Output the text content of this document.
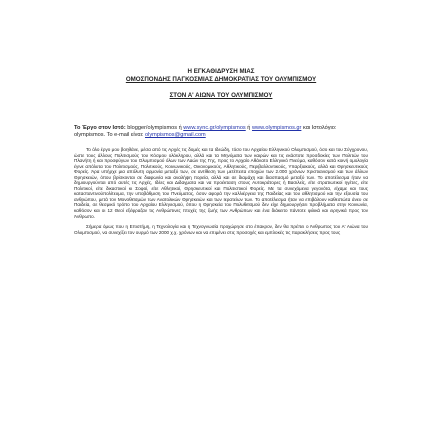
Η ΕΓΚΑΘΙΔΡΥΣΗ ΜΙΑΣ
ΟΜΟΣΠΟΝΔΗΣ ΠΑΓΚΟΣΜΙΑΣ ΔΗΜΟΚΡΑΤΙΑΣ ΤΟΥ ΟΛΥΜΠΙΣΜΟΥ
ΣΤΟΝ Α' ΑΙΩΝΑ ΤΟΥ ΟΛΥΜΠΙΣΜΟΥ
Το Έργο στον Ιστό: blogger/olympismos ή www.sync.gr/olympismos ή www.olympismos.gr και Ιστολόγιο: olympismos. Το e-mail είναι: olympismos@gmail.com

Το όλο έργο μου βοηθάνε, μέσα από τις Αρχές τις δομές και τα Ιδεώδη, τόσο του Αρχαίου Ελληνικού Ολυμπισμού, όσο και του Σύγχρονου, ώστε τους άλλους Πολιτισμούς του Κόσμου ολόκληρου, αλλά και τα Μηνύματα των καιρών και τις εκάστοτε προσδοκίες των Πολιτών του Πλανήτη ή και προσφύγων του Ολυμπισμού όλων των Λαών της Γης, προς το Αρχαίο Αθάνατο Ελληνικό Πνεύμα, καθόσον κατά κοινή ομολογία έγινε απόλυτα του Πολιτισμούς, Πολιτικούς, Κοινωνικούς, Οικονομικούς, Αθλητικούς, Περιβαλλοντικούς, Υπαρξιακούς, αλλά και Θρησκευτικούς Φορείς. Άρα υπήρχε μια απόλυτη αρμονία μεταξύ των, σε αντίθεση των μετέπειτα εποχών των 2.000 χρόνων Χριστιανισμού και των άλλων Θρησκειών, όπου βρίσκονται σε διαφωνία και αναλήψη πορεία, αλλά και σε διαμάχη και διασπασμό μεταξύ των. Το αποτέλεσμα ήταν να δημιουργούνται από αυτές τις Αρχές, Ιδέες και Διδαγματα και να προέκταση στους Αυτοκράτορες ή Βασιλείς, είτε στρατιωτικοί ηγέτες, είτε Πολιτικοί, είτε δικαστικοί κι Σοφοί, είτε Αθλητικοί, Θρησκευτικοί και Πολιτιστικοί Φορείς. Με τα συνεχόμενα γεγονότα, είχαμε και τους κατασταντινούπολίτευμα, την υποβάθμιση του Πνεύματος, όσον αφορά την καλλιέργεια της Παιδείας και του αθλητισμού και την εξουσία του ανθρώπου, μετά τον Μονοθεϊσμών των Ανατολικών Θρησκειών και των Ιερατείων των. Το αποτέλεσμα ήταν να επιβάλουν καθεστώτα άνευ σε Παιδεία, σε θεσμικό τρόπο του Αρχαίου Ελληνισμού, όπου η Θρησκεία του Πολυθεϊσμού δεν είχε δημιουργήσει προβλήματα στην Κοινωνία, καθόσον και οι 12 Θεοί εξέφραζαν τις Ανθρώπινες πτυχές της ζωής των Ανθρώπων και ένα διάκειτο πάντοτε φιλικά και ειρηνικά προς τον Άνθρωπο.

Σήμερα όμως που η Επιστήμη, η Τεχνολογία και η Τεχνογνωσία προχώρησε στο έπακρον, δεν θα πρέπει ο Άνθρωπος του Α' Αιώνα του Ολυμπισμού, να συνεχίζει τον ουρμό των 2000 χ.χ. χρόνων και να επιμένει στις προσοχές και εμπλοκές τις παρακλήσεις προς τους
